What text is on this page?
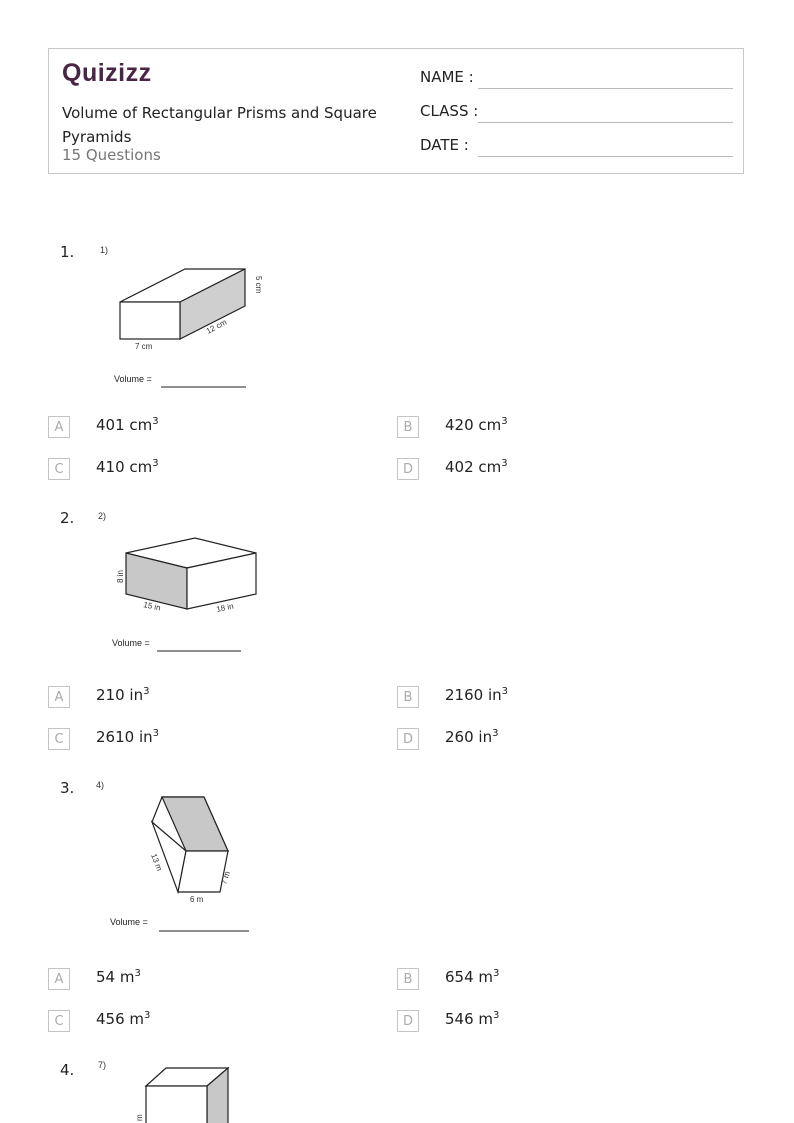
Quizizz
Volume of Rectangular Prisms and Square Pyramids
15 Questions
NAME :
CLASS :
DATE :
1.	1)
5 cm
12 cm
7 cm
Volume =
A	401 $cm^3$	B	420 $cm^3$
C	410 $cm^3$	D	402 $cm^3$
2.	2)
8 in
15 in	18 in
Volume =
A	210 $in^3$	B	2160 $in^3$
C	2610 $in^3$	D	260 $in^3$
3. 4)
13 m
7 m
6 m
Volume =
A	54 $m^3$	B	654 $m^3$
C	456 $m^3$	D	546 $m^3$
4.	7)
m
